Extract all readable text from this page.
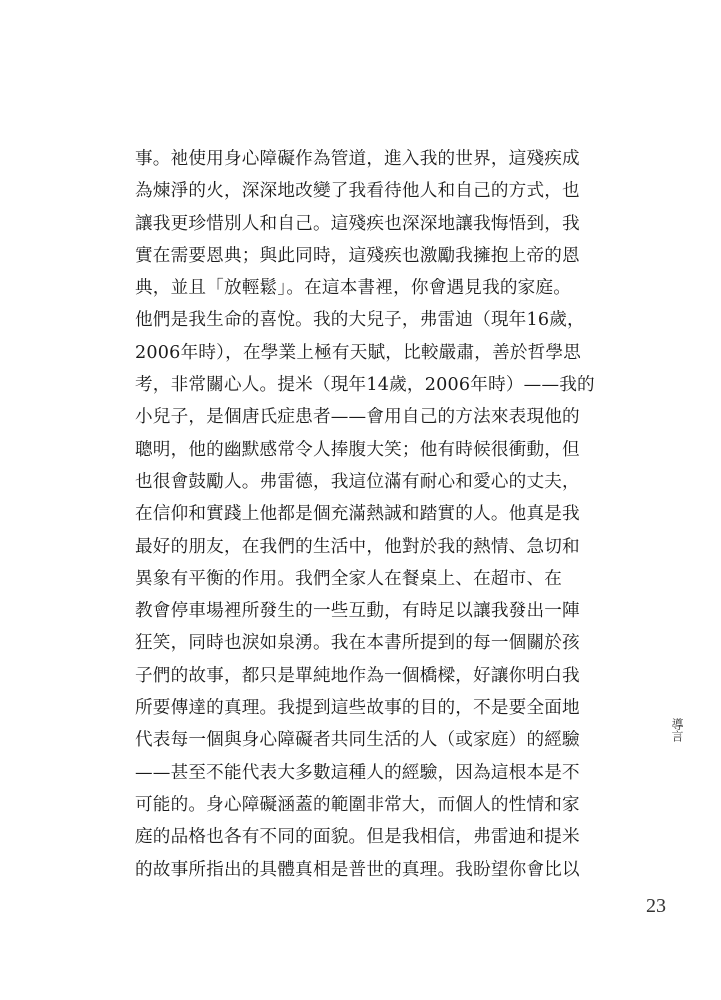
事。祂使用身心障礙作為管道，進入我的世界，這殘疾成
為煉淨的火，深深地改變了我看待他人和自己的方式，也
讓我更珍惜別人和自己。這殘疾也深深地讓我悔悟到，我
實在需要恩典；與此同時，這殘疾也激勵我擁抱上帝的恩
典，並且「放輕鬆」。在這本書裡，你會遇見我的家庭。
他們是我生命的喜悅。我的大兒子，弗雷迪（現年16歲，
2006年時），在學業上極有天賦，比較嚴肅，善於哲學思
考，非常關心人。提米（現年14歲，2006年時）——我的
小兒子，是個唐氏症患者——會用自己的方法來表現他的
聰明，他的幽默感常令人捧腹大笑；他有時候很衝動，但
也很會鼓勵人。弗雷德，我這位滿有耐心和愛心的丈夫，
在信仰和實踐上他都是個充滿熱誠和踏實的人。他真是我
最好的朋友，在我們的生活中，他對於我的熱情、急切和
異象有平衡的作用。我們全家人在餐桌上、在超市、在
教會停車場裡所發生的一些互動，有時足以讓我發出一陣
狂笑，同時也淚如泉湧。我在本書所提到的每一個關於孩
子們的故事，都只是單純地作為一個橋樑，好讓你明白我
所要傳達的真理。我提到這些故事的目的，不是要全面地
代表每一個與身心障礙者共同生活的人（或家庭）的經驗
——甚至不能代表大多數這種人的經驗，因為這根本是不
可能的。身心障礙涵蓋的範圍非常大，而個人的性情和家
庭的品格也各有不同的面貌。但是我相信，弗雷迪和提米
的故事所指出的具體真相是普世的真理。我盼望你會比以
導言
23
